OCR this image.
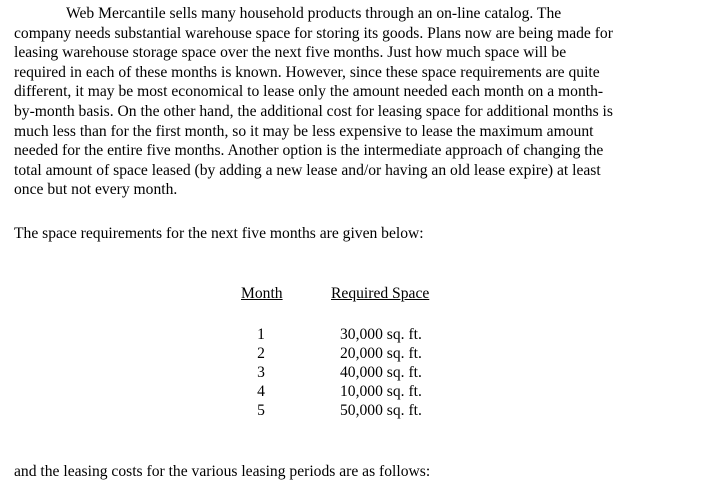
Web Mercantile sells many household products through an on-line catalog. The
company needs substantial warehouse space for storing its goods. Plans now are being made for
leasing warehouse storage space over the next five months. Just how much space will be
required in each of these months is known. However, since these space requirements are quite
different, it may be most economical to lease only the amount needed each month on a month-
by-month basis. On the other hand, the additional cost for leasing space for additional months is
much less than for the first month, so it may be less expensive to lease the maximum amount
needed for the entire five months. Another option is the intermediate approach of changing the
total amount of space leased (by adding a new lease and/or having an old lease expire) at least
once but not every month.

The space requirements for the next five months are given below:

Month	Required Space
1
2
3
4
5
30,000 sq. ft.
20,000 sq. ft.
40,000 sq. ft.
10,000 sq. ft.
50,000 sq. ft.

and the leasing costs for the various leasing periods are as follows:
